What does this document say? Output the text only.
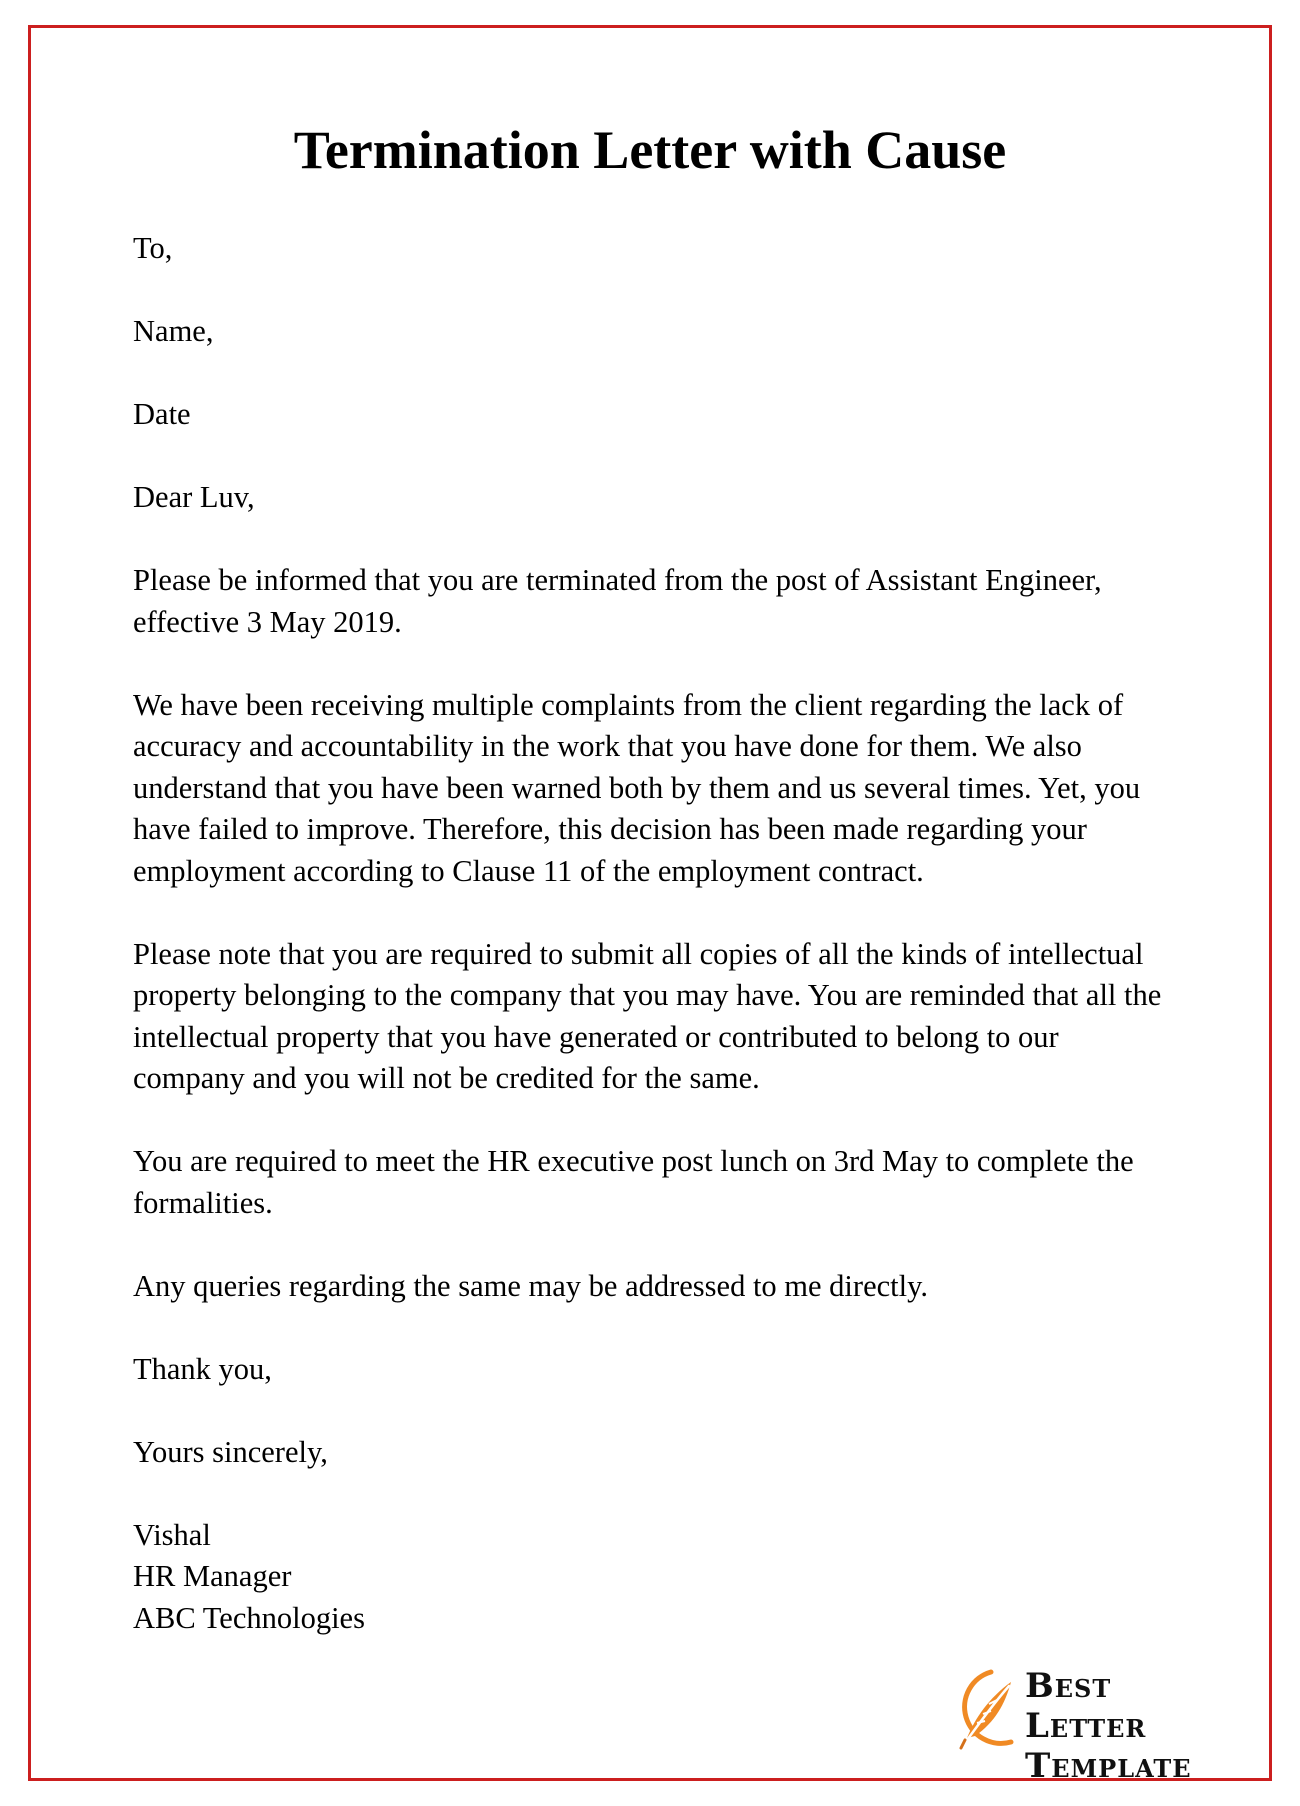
Termination Letter with Cause

To,

Name,

Date

Dear Luv,

Please be informed that you are terminated from the post of Assistant Engineer, effective 3 May 2019.

We have been receiving multiple complaints from the client regarding the lack of accuracy and accountability in the work that you have done for them. We also understand that you have been warned both by them and us several times. Yet, you have failed to improve. Therefore, this decision has been made regarding your employment according to Clause 11 of the employment contract.

Please note that you are required to submit all copies of all the kinds of intellectual property belonging to the company that you may have. You are reminded that all the intellectual property that you have generated or contributed to belong to our company and you will not be credited for the same.

You are required to meet the HR executive post lunch on 3rd May to complete the formalities.

Any queries regarding the same may be addressed to me directly.

Thank you,

Yours sincerely,

Vishal
HR Manager
ABC Technologies

Best Letter
Template
